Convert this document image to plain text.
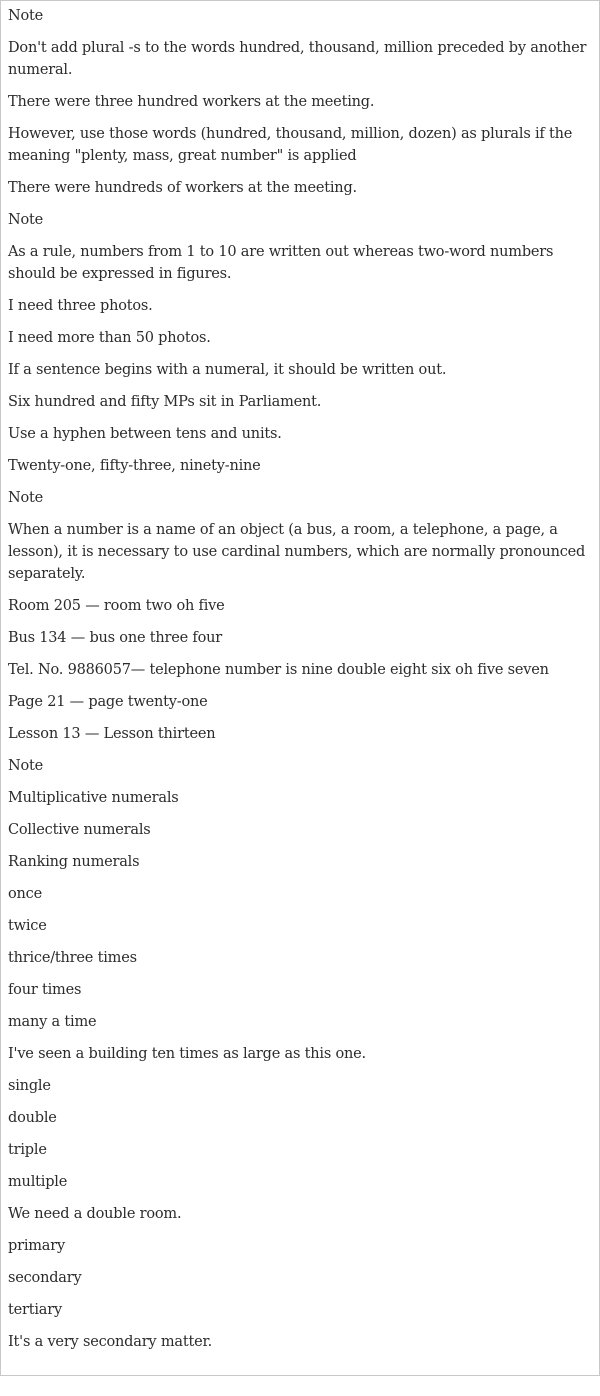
Note

Don't add plural -s to the words hundred, thousand, million preceded by another numeral.

There were three hundred workers at the meeting.

However, use those words (hundred, thousand, million, dozen) as plurals if the meaning "plenty, mass, great number" is applied

There were hundreds of workers at the meeting.

Note

As a rule, numbers from 1 to 10 are written out whereas two-word numbers should be expressed in figures.

I need three photos.

I need more than 50 photos.

If a sentence begins with a numeral, it should be written out.

Six hundred and fifty MPs sit in Parliament.

Use a hyphen between tens and units.

Twenty-one, fifty-three, ninety-nine

Note

When a number is a name of an object (a bus, a room, a telephone, a page, a lesson), it is necessary to use cardinal numbers, which are normally pronounced separately.

Room 205 — room two oh five

Bus 134 — bus one three four

Tel. No. 9886057— telephone number is nine double eight six oh five seven

Page 21 — page twenty-one

Lesson 13 — Lesson thirteen

Note

Multiplicative numerals

Collective numerals

Ranking numerals

once

twice

thrice/three times

four times

many a time

I've seen a building ten times as large as this one.

single

double

triple

multiple

We need a double room.

primary

secondary

tertiary

It's a very secondary matter.
